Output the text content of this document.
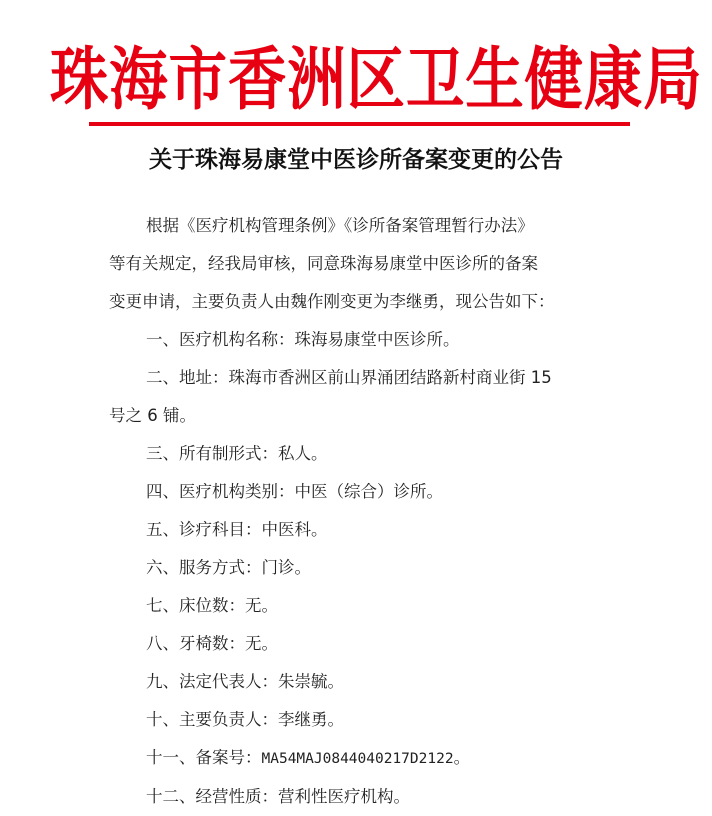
珠海市香洲区卫生健康局
关于珠海易康堂中医诊所备案变更的公告

根据《医疗机构管理条例》《诊所备案管理暂行办法》

等有关规定，经我局审核，同意珠海易康堂中医诊所的备案

变更申请，主要负责人由魏作刚变更为李继勇，现公告如下：

一、医疗机构名称：珠海易康堂中医诊所。

二、地址：珠海市香洲区前山界涌团结路新村商业街 15

号之 6 铺。

三、所有制形式：私人。

四、医疗机构类别：中医（综合）诊所。

五、诊疗科目：中医科。

六、服务方式：门诊。

七、床位数：无。

八、牙椅数：无。

九、法定代表人：朱崇毓。

十、主要负责人：李继勇。

十一、备案号：MA54MAJ0844040217D2122。

十二、经营性质：营利性医疗机构。
